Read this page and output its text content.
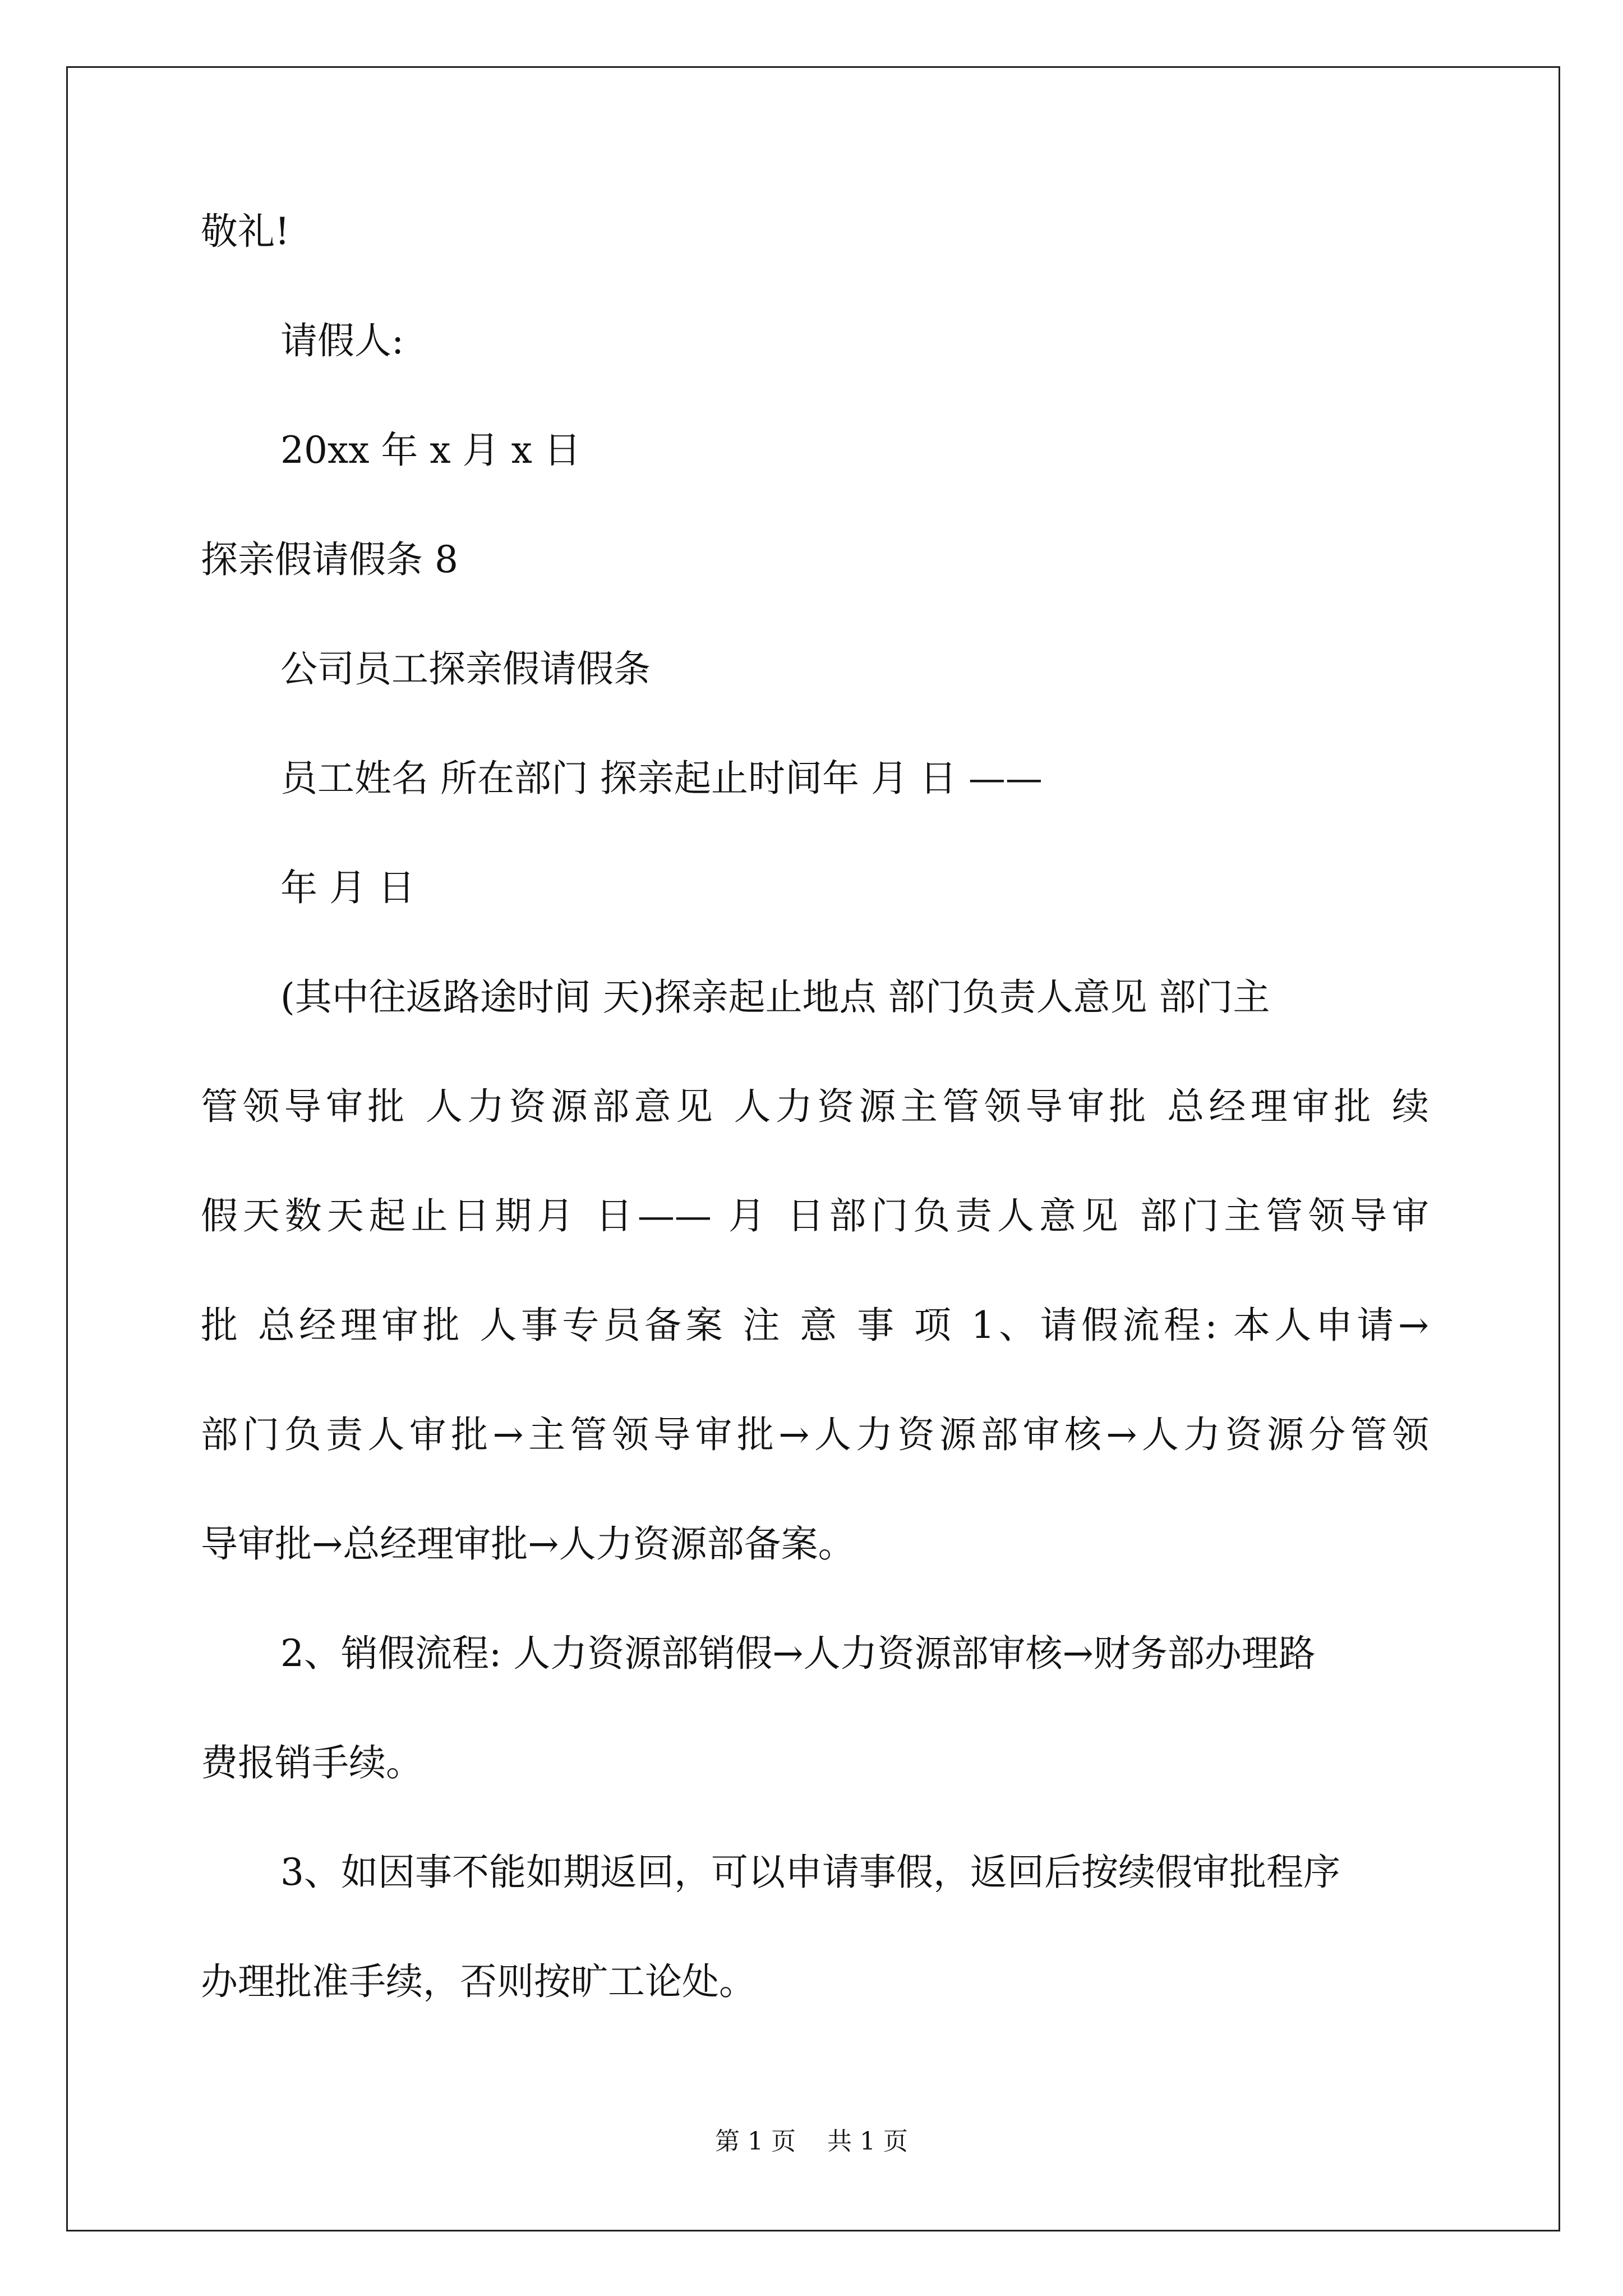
敬礼!
请假人:
20xx 年 x 月 x 日
探亲假请假条 8
公司员工探亲假请假条
员工姓名 所在部门 探亲起止时间年 月 日 ——
年 月 日
(其中往返路途时间 天)探亲起止地点 部门负责人意见 部门主
管领导审批 人力资源部意见 人力资源主管领导审批 总经理审批 续
假天数天起止日期月 日—— 月 日部门负责人意见 部门主管领导审
批 总经理审批 人事专员备案 注 意 事 项 1、请假流程: 本人申请→
部门负责人审批→主管领导审批→人力资源部审核→人力资源分管领
导审批→总经理审批→人力资源部备案。
2、销假流程: 人力资源部销假→人力资源部审核→财务部办理路
费报销手续。
3、如因事不能如期返回，可以申请事假，返回后按续假审批程序
办理批准手续，否则按旷工论处。
第 1 页    共 1 页
